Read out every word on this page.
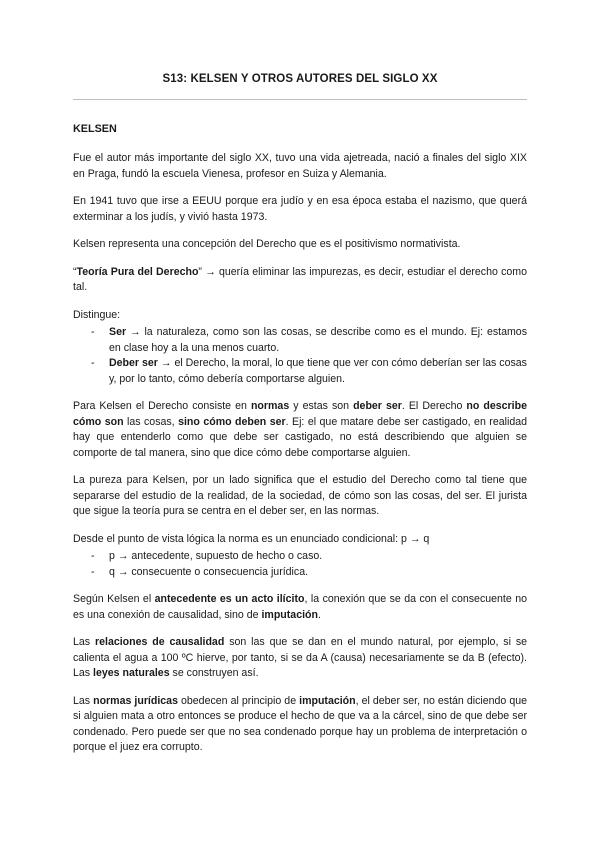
S13: KELSEN Y OTROS AUTORES DEL SIGLO XX
KELSEN

Fue el autor más importante del siglo XX, tuvo una vida ajetreada, nació a finales del siglo XIX en Praga, fundó la escuela Vienesa, profesor en Suiza y Alemania.

En 1941 tuvo que irse a EEUU porque era judío y en esa época estaba el nazismo, que querá exterminar a los judís, y vivió hasta 1973.

Kelsen representa una concepción del Derecho que es el positivismo normativista.

“Teoría Pura del Derecho” → quería eliminar las impurezas, es decir, estudiar el derecho como tal.

Distingue:

- Ser → la naturaleza, como son las cosas, se describe como es el mundo. Ej: estamos en clase hoy a la una menos cuarto.
- Deber ser → el Derecho, la moral, lo que tiene que ver con cómo deberían ser las cosas y, por lo tanto, cómo debería comportarse alguien.

Para Kelsen el Derecho consiste en normas y estas son deber ser. El Derecho no describe cómo son las cosas, sino cómo deben ser. Ej: el que matare debe ser castigado, en realidad hay que entenderlo como que debe ser castigado, no está describiendo que alguien se comporte de tal manera, sino que dice cómo debe comportarse alguien.

La pureza para Kelsen, por un lado significa que el estudio del Derecho como tal tiene que separarse del estudio de la realidad, de la sociedad, de cómo son las cosas, del ser. El jurista que sigue la teoría pura se centra en el deber ser, en las normas.

Desde el punto de vista lógica la norma es un enunciado condicional: p → q

- p → antecedente, supuesto de hecho o caso.
- q → consecuente o consecuencia jurídica.

Según Kelsen el antecedente es un acto ilícito, la conexión que se da con el consecuente no es una conexión de causalidad, sino de imputación.

Las relaciones de causalidad son las que se dan en el mundo natural, por ejemplo, si se calienta el agua a 100 ºC hierve, por tanto, si se da A (causa) necesariamente se da B (efecto). Las leyes naturales se construyen así.

Las normas jurídicas obedecen al principio de imputación, el deber ser, no están diciendo que si alguien mata a otro entonces se produce el hecho de que va a la cárcel, sino de que debe ser condenado. Pero puede ser que no sea condenado porque hay un problema de interpretación o porque el juez era corrupto.
